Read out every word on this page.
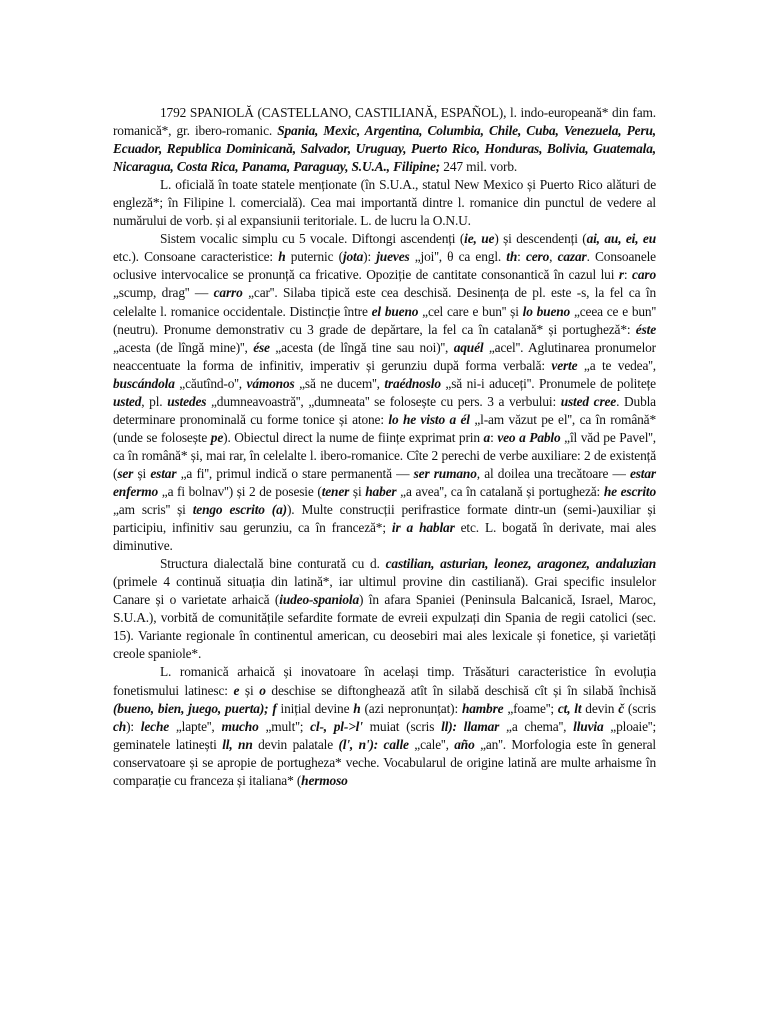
1792 SPANIOLĂ (CASTELLANO, CASTILIANĂ, ESPAÑOL), l. indo-europeană* din fam. romanică*, gr. ibero-romanic. Spania, Mexic, Argentina, Columbia, Chile, Cuba, Venezuela, Peru, Ecuador, Republica Dominicană, Salvador, Uruguay, Puerto Rico, Honduras, Bolivia, Guatemala, Nicaragua, Costa Rica, Panama, Paraguay, S.U.A., Filipine; 247 mil. vorb.

L. oficială în toate statele menționate (în S.U.A., statul New Mexico și Puerto Rico alături de engleză*; în Filipine l. comercială). Cea mai importantă dintre l. romanice din punctul de vedere al numărului de vorb. și al expansiunii teritoriale. L. de lucru la O.N.U.

Sistem vocalic simplu cu 5 vocale. Diftongi ascendenți (ie, ue) și descendenți (ai, au, ei, eu etc.). Consoane caracteristice: h puternic (jota): jueves „joi'', θ ca engl. th: cero, cazar. Consoanele oclusive intervocalice se pronunță ca fricative. Opoziție de cantitate consonantică în cazul lui r: caro „scump, drag'' — carro „car''. Silaba tipică este cea deschisă. Desinența de pl. este -s, la fel ca în celelalte l. romanice occidentale. Distincție între el bueno „cel care e bun'' și lo bueno „ceea ce e bun'' (neutru). Pronume demonstrativ cu 3 grade de depărtare, la fel ca în catalană* și portugheză*: éste „acesta (de lîngă mine)'', ése „acesta (de lîngă tine sau noi)'', aquél „acel''. Aglutinarea pronumelor neaccentuate la forma de infinitiv, imperativ și gerunziu după forma verbală: verte „a te vedea'', buscándola „căutînd-o'', vámonos „să ne ducem'', traédnoslo „să ni-i aduceți''. Pronumele de politețe usted, pl. ustedes „dumneavoastră'', „dumneata'' se folosește cu pers. 3 a verbului: usted cree. Dubla determinare pronominală cu forme tonice și atone: lo he visto a él „l-am văzut pe el'', ca în română* (unde se folosește pe). Obiectul direct la nume de ființe exprimat prin a: veo a Pablo „îl văd pe Pavel'', ca în română* și, mai rar, în celelalte l. ibero-romanice. Cîte 2 perechi de verbe auxiliare: 2 de existență (ser și estar „a fi'', primul indică o stare permanentă — ser rumano, al doilea una trecătoare — estar enfermo „a fi bolnav'') și 2 de posesie (tener și haber „a avea'', ca în catalană și portugheză: he escrito „am scris'' și tengo escrito (a)). Multe construcții perifrastice formate dintr-un (semi-)auxiliar și participiu, infinitiv sau gerunziu, ca în franceză*; ir a hablar etc. L. bogată în derivate, mai ales diminutive.

Structura dialectală bine conturată cu d. castilian, asturian, leonez, aragonez, andaluzian (primele 4 continuă situația din latină*, iar ultimul provine din castiliană). Grai specific insulelor Canare și o varietate arhaică (iudeo-spaniola) în afara Spaniei (Peninsula Balcanică, Israel, Maroc, S.U.A.), vorbită de comunitățile sefardite formate de evreii expulzați din Spania de regii catolici (sec. 15). Variante regionale în continentul american, cu deosebiri mai ales lexicale și fonetice, și varietăți creole spaniole*.

L. romanică arhaică și inovatoare în același timp. Trăsături caracteristice în evoluția fonetismului latinesc: e și o deschise se diftonghează atît în silabă deschisă cît și în silabă închisă (bueno, bien, juego, puerta); f inițial devine h (azi nepronunțat): hambre „foame''; ct, lt devin č (scris ch): leche „lapte'', mucho „mult''; cl-, pl->l' muiat (scris ll): llamar „a chema'', lluvia „ploaie''; geminatele latinești ll, nn devin palatale (l', n'): calle „cale'', año „an''. Morfologia este în general conservatoare și se apropie de portugheza* veche. Vocabularul de origine latină are multe arhaisme în comparație cu franceza și italiana* (hermoso
